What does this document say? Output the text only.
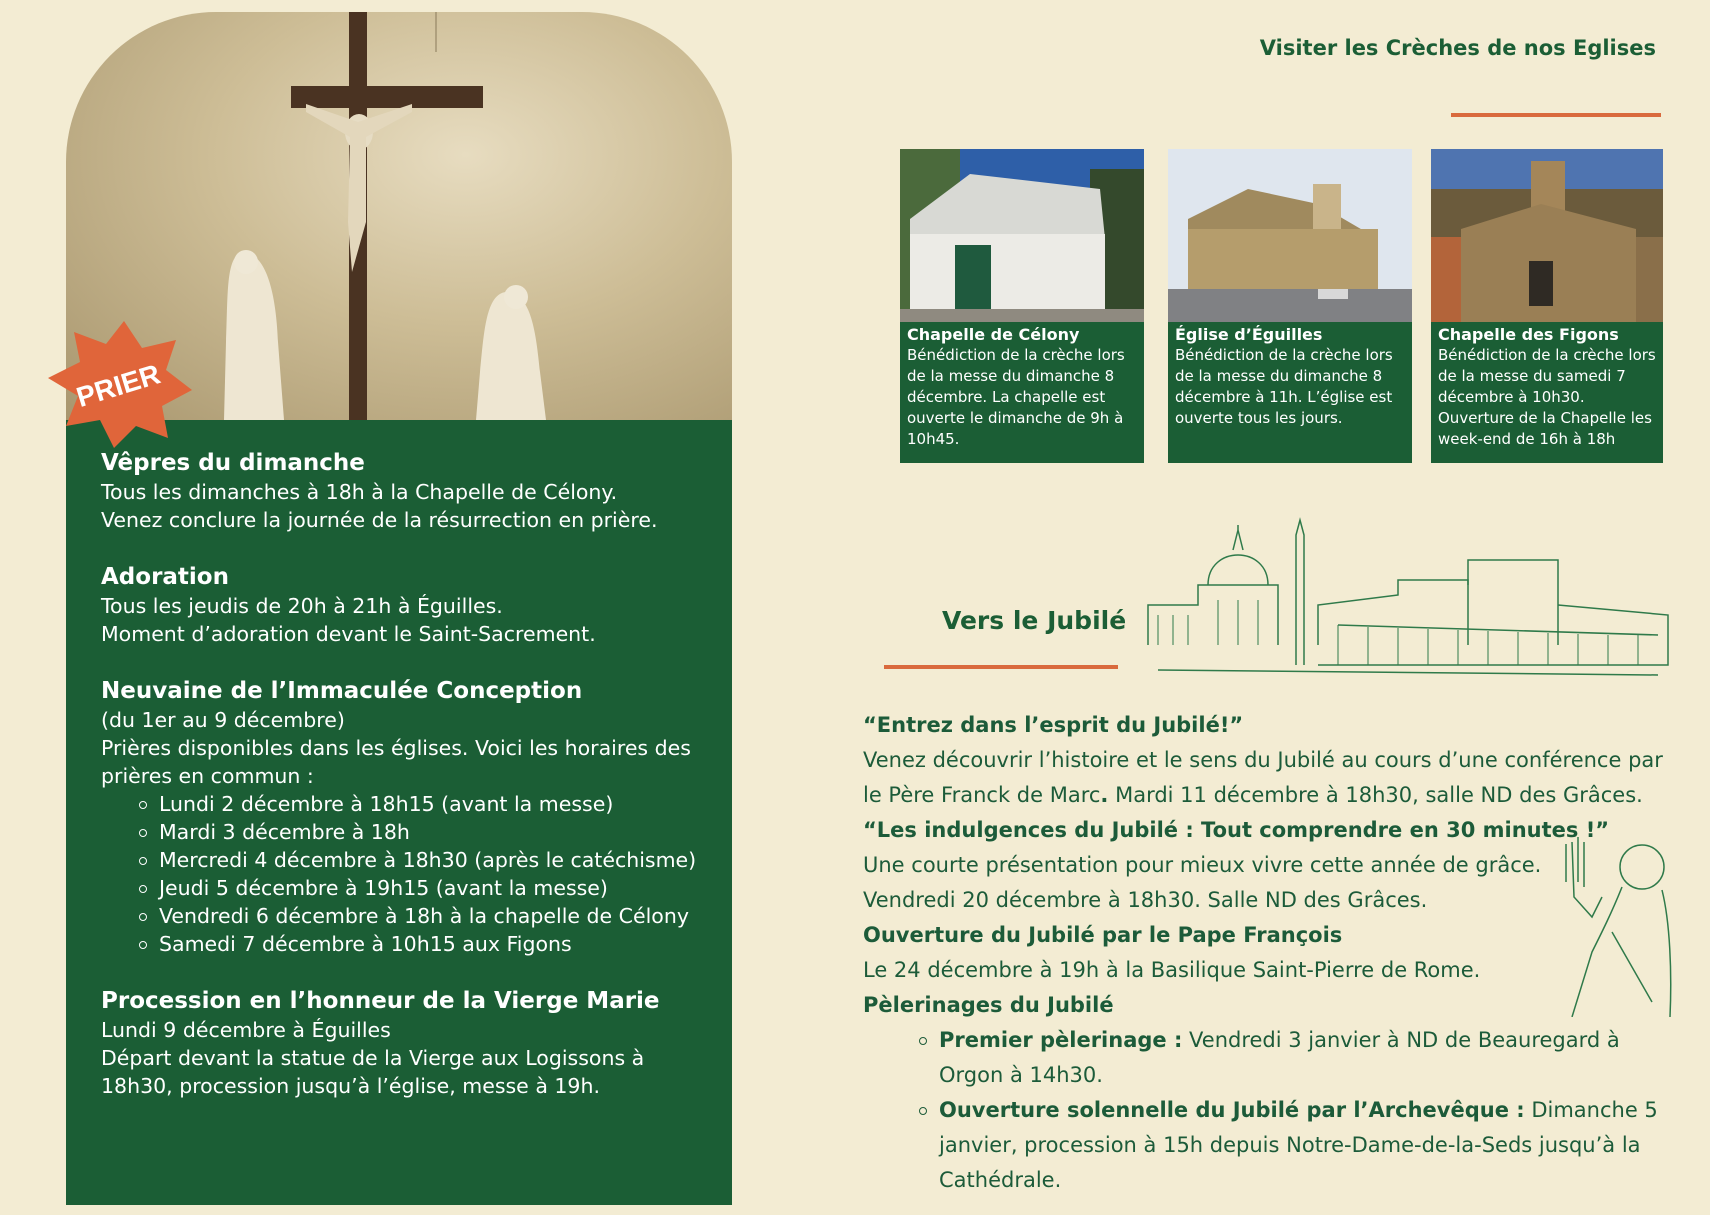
Vêpres du dimanche

Tous les dimanches à 18h à la Chapelle de Célony.

Venez conclure la journée de la résurrection en prière.

Adoration

Tous les jeudis de 20h à 21h à Éguilles.

Moment d’adoration devant le Saint-Sacrement.

Neuvaine de l’Immaculée Conception

(du 1er au 9 décembre)

Prières disponibles dans les églises. Voici les horaires des prières en commun :

Lundi 2 décembre à 18h15 (avant la messe)
Mardi 3 décembre à 18h
Mercredi 4 décembre à 18h30 (après le catéchisme)
Jeudi 5 décembre à 19h15 (avant la messe)
Vendredi 6 décembre à 18h à la chapelle de Célony
Samedi 7 décembre à 10h15 aux Figons
Procession en l’honneur de la Vierge Marie

Lundi 9 décembre à Éguilles

Départ devant la statue de la Vierge aux Logissons à 18h30, procession jusqu’à l’église, messe à 19h.

PRIER
Visiter les Crèches de nos Eglises
Chapelle de Célony
Bénédiction de la crèche lors de la messe du dimanche 8 décembre. La chapelle est ouverte le dimanche de 9h à 10h45.
Église d’Éguilles
Bénédiction de la crèche lors de la messe du dimanche 8 décembre à 11h. L’église est ouverte tous les jours.
Chapelle des Figons
Bénédiction de la crèche lors de la messe du samedi 7 décembre à 10h30. Ouverture de la Chapelle les week-end de 16h à 18h
Vers le Jubilé

“Entrez dans l’esprit du Jubilé!”

Venez découvrir l’histoire et le sens du Jubilé au cours d’une conférence par le Père Franck de Marc. Mardi 11 décembre à 18h30, salle ND des Grâces.

“Les indulgences du Jubilé : Tout comprendre en 30 minutes !”

Une courte présentation pour mieux vivre cette année de grâce.

Vendredi 20 décembre à 18h30. Salle ND des Grâces.

Ouverture du Jubilé par le Pape François

Le 24 décembre à 19h à la Basilique Saint-Pierre de Rome.

Pèlerinages du Jubilé

Premier pèlerinage : Vendredi 3 janvier à ND de Beauregard à Orgon à 14h30.
Ouverture solennelle du Jubilé par l’Archevêque : Dimanche 5 janvier, procession à 15h depuis Notre-Dame-de-la-Seds jusqu’à la Cathédrale.
